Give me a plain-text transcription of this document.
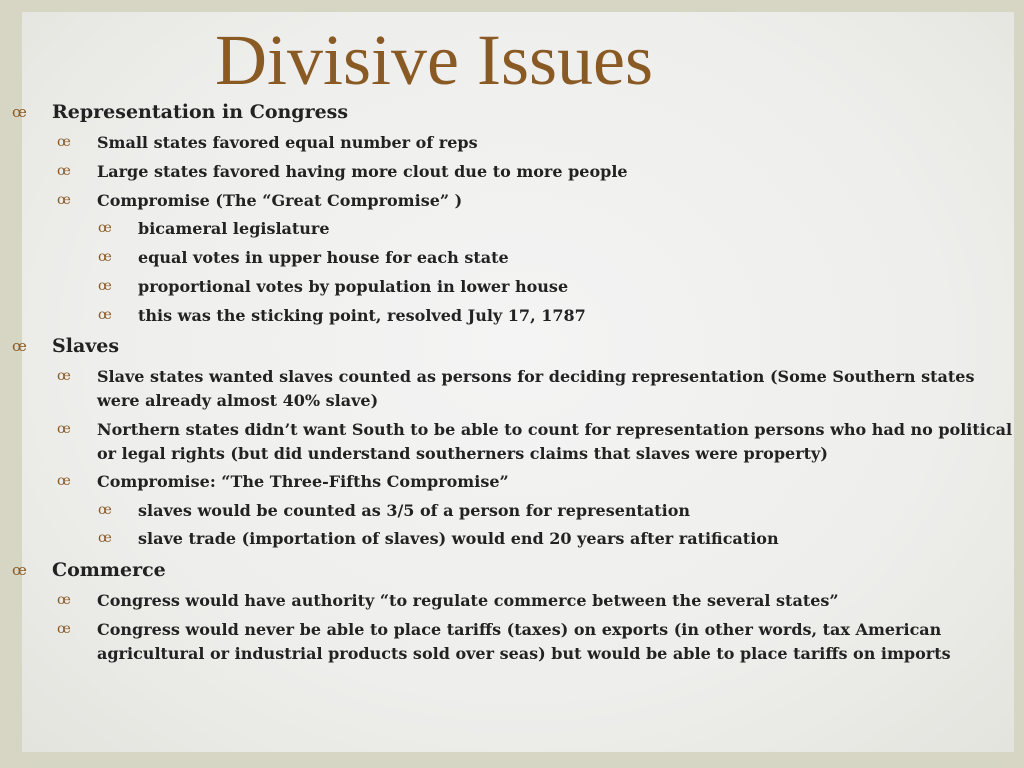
Divisive Issues

œ Representation in Congress

œ Small states favored equal number of reps

œ Large states favored having more clout due to more people

œ Compromise (The “Great Compromise” )

œ bicameral legislature

œ equal votes in upper house for each state

œ proportional votes by population in lower house

œ this was the sticking point, resolved July 17, 1787

œ Slaves

œ Slave states wanted slaves counted as persons for deciding representation (Some Southern states were already almost 40% slave)

œ Northern states didn’t want South to be able to count for representation persons who had no political or legal rights (but did understand southerners claims that slaves were property)

œ Compromise: “The Three-Fifths Compromise”

œ slaves would be counted as 3/5 of a person for representation

œ slave trade (importation of slaves) would end 20 years after ratification

œ Commerce

œ Congress would have authority “to regulate commerce between the several states”

œ Congress would never be able to place tariffs (taxes) on exports (in other words, tax American agricultural or industrial products sold over seas) but would be able to place tariffs on imports
